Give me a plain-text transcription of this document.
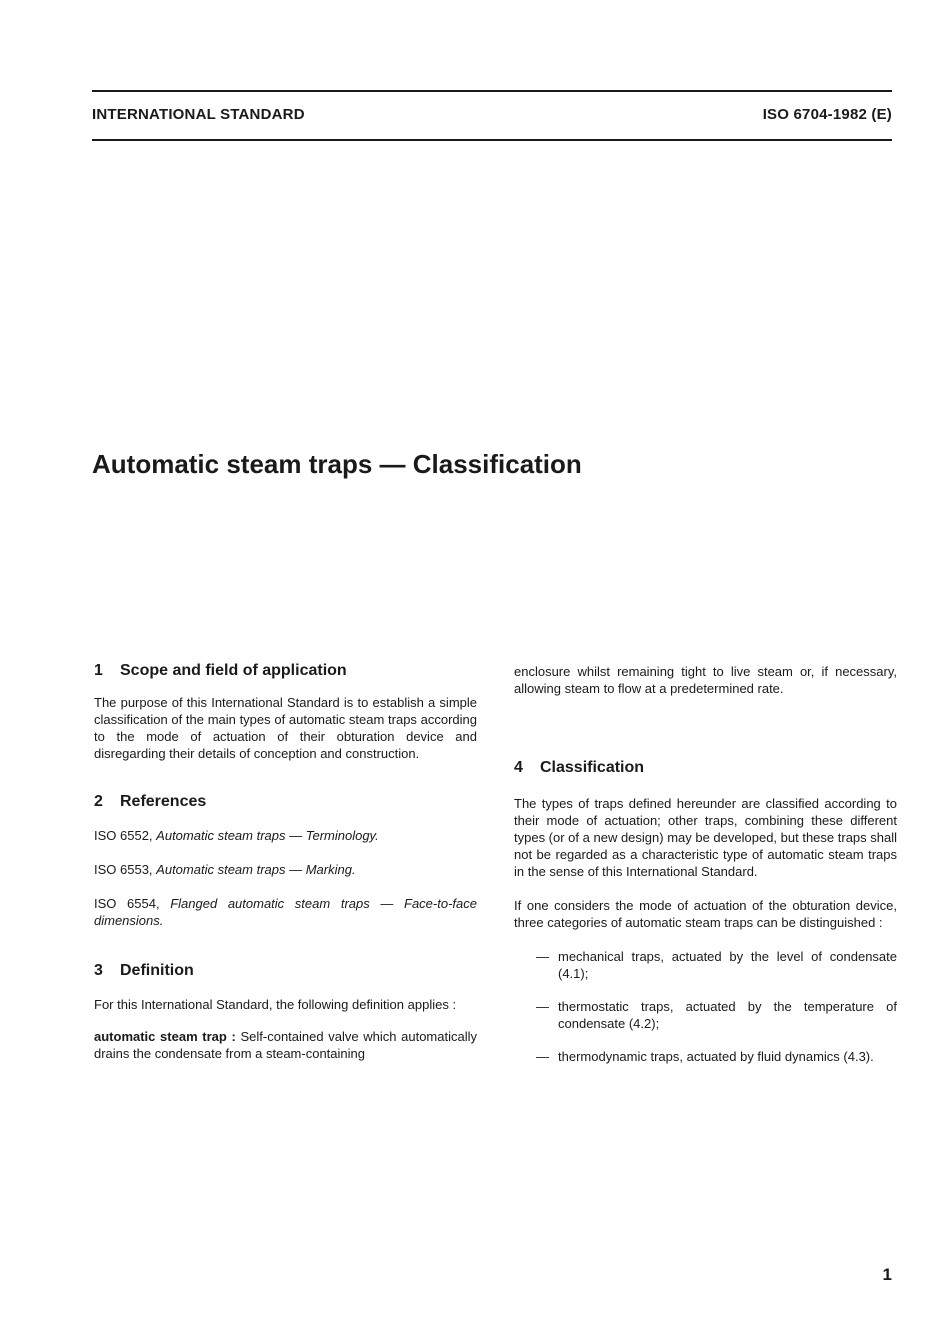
INTERNATIONAL STANDARD	ISO 6704-1982 (E)
Automatic steam traps — Classification
1 Scope and field of application

The purpose of this International Standard is to establish a simple classification of the main types of automatic steam traps according to the mode of actuation of their obturation device and disregarding their details of conception and construction.

2 References

ISO 6552, Automatic steam traps — Terminology.

ISO 6553, Automatic steam traps — Marking.

ISO 6554, Flanged automatic steam traps — Face-to-face dimensions.

3 Definition

For this International Standard, the following definition applies :

automatic steam trap : Self-contained valve which automatically drains the condensate from a steam-containing

enclosure whilst remaining tight to live steam or, if necessary, allowing steam to flow at a predetermined rate.

4 Classification

The types of traps defined hereunder are classified according to their mode of actuation; other traps, combining these different types (or of a new design) may be developed, but these traps shall not be regarded as a characteristic type of automatic steam traps in the sense of this International Standard.

If one considers the mode of actuation of the obturation device, three categories of automatic steam traps can be distinguished :

— mechanical traps, actuated by the level of condensate (4.1);
— thermostatic traps, actuated by the temperature of condensate (4.2);
— thermodynamic traps, actuated by fluid dynamics (4.3).
1
